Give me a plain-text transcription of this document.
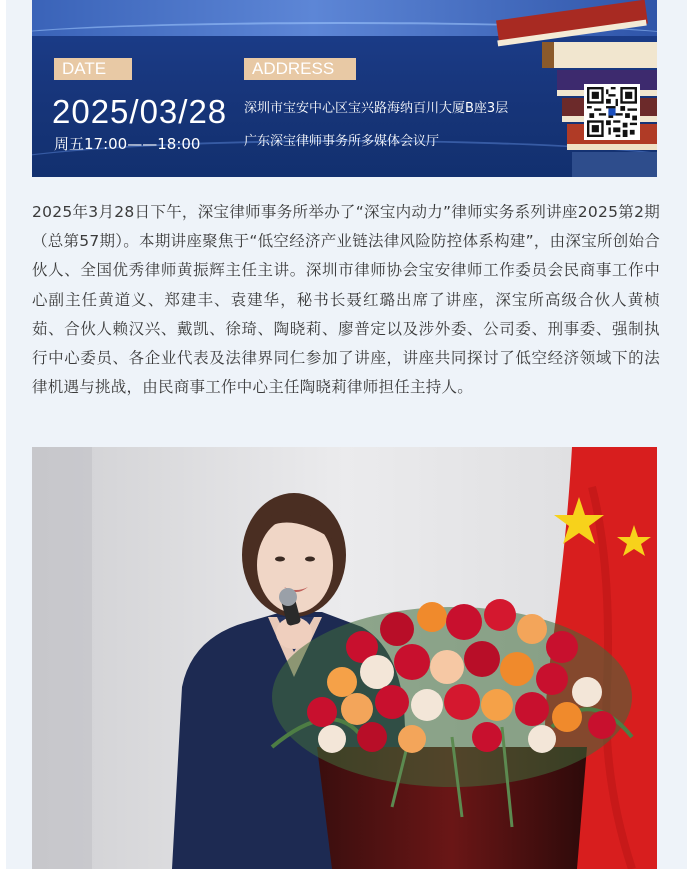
DATE	ADDRESS
2025/03/28
周五17:00——18:00
深圳市宝安中心区宝兴路海纳百川大厦B座3层
广东深宝律师事务所多媒体会议厅

2025年3月28日下午，深宝律师事务所举办了“深宝内动力”律师实务系列讲座2025第2期（总第57期）。本期讲座聚焦于“低空经济产业链法律风险防控体系构建”，由深宝所创始合伙人、全国优秀律师黄振辉主任主讲。深圳市律师协会宝安律师工作委员会民商事工作中心副主任黄道义、郑建丰、袁建华，秘书长聂红璐出席了讲座，深宝所高级合伙人黄桢茹、合伙人赖汉兴、戴凯、徐琦、陶晓莉、廖普定以及涉外委、公司委、刑事委、强制执行中心委员、各企业代表及法律界同仁参加了讲座，讲座共同探讨了低空经济领域下的法律机遇与挑战，由民商事工作中心主任陶晓莉律师担任主持人。
